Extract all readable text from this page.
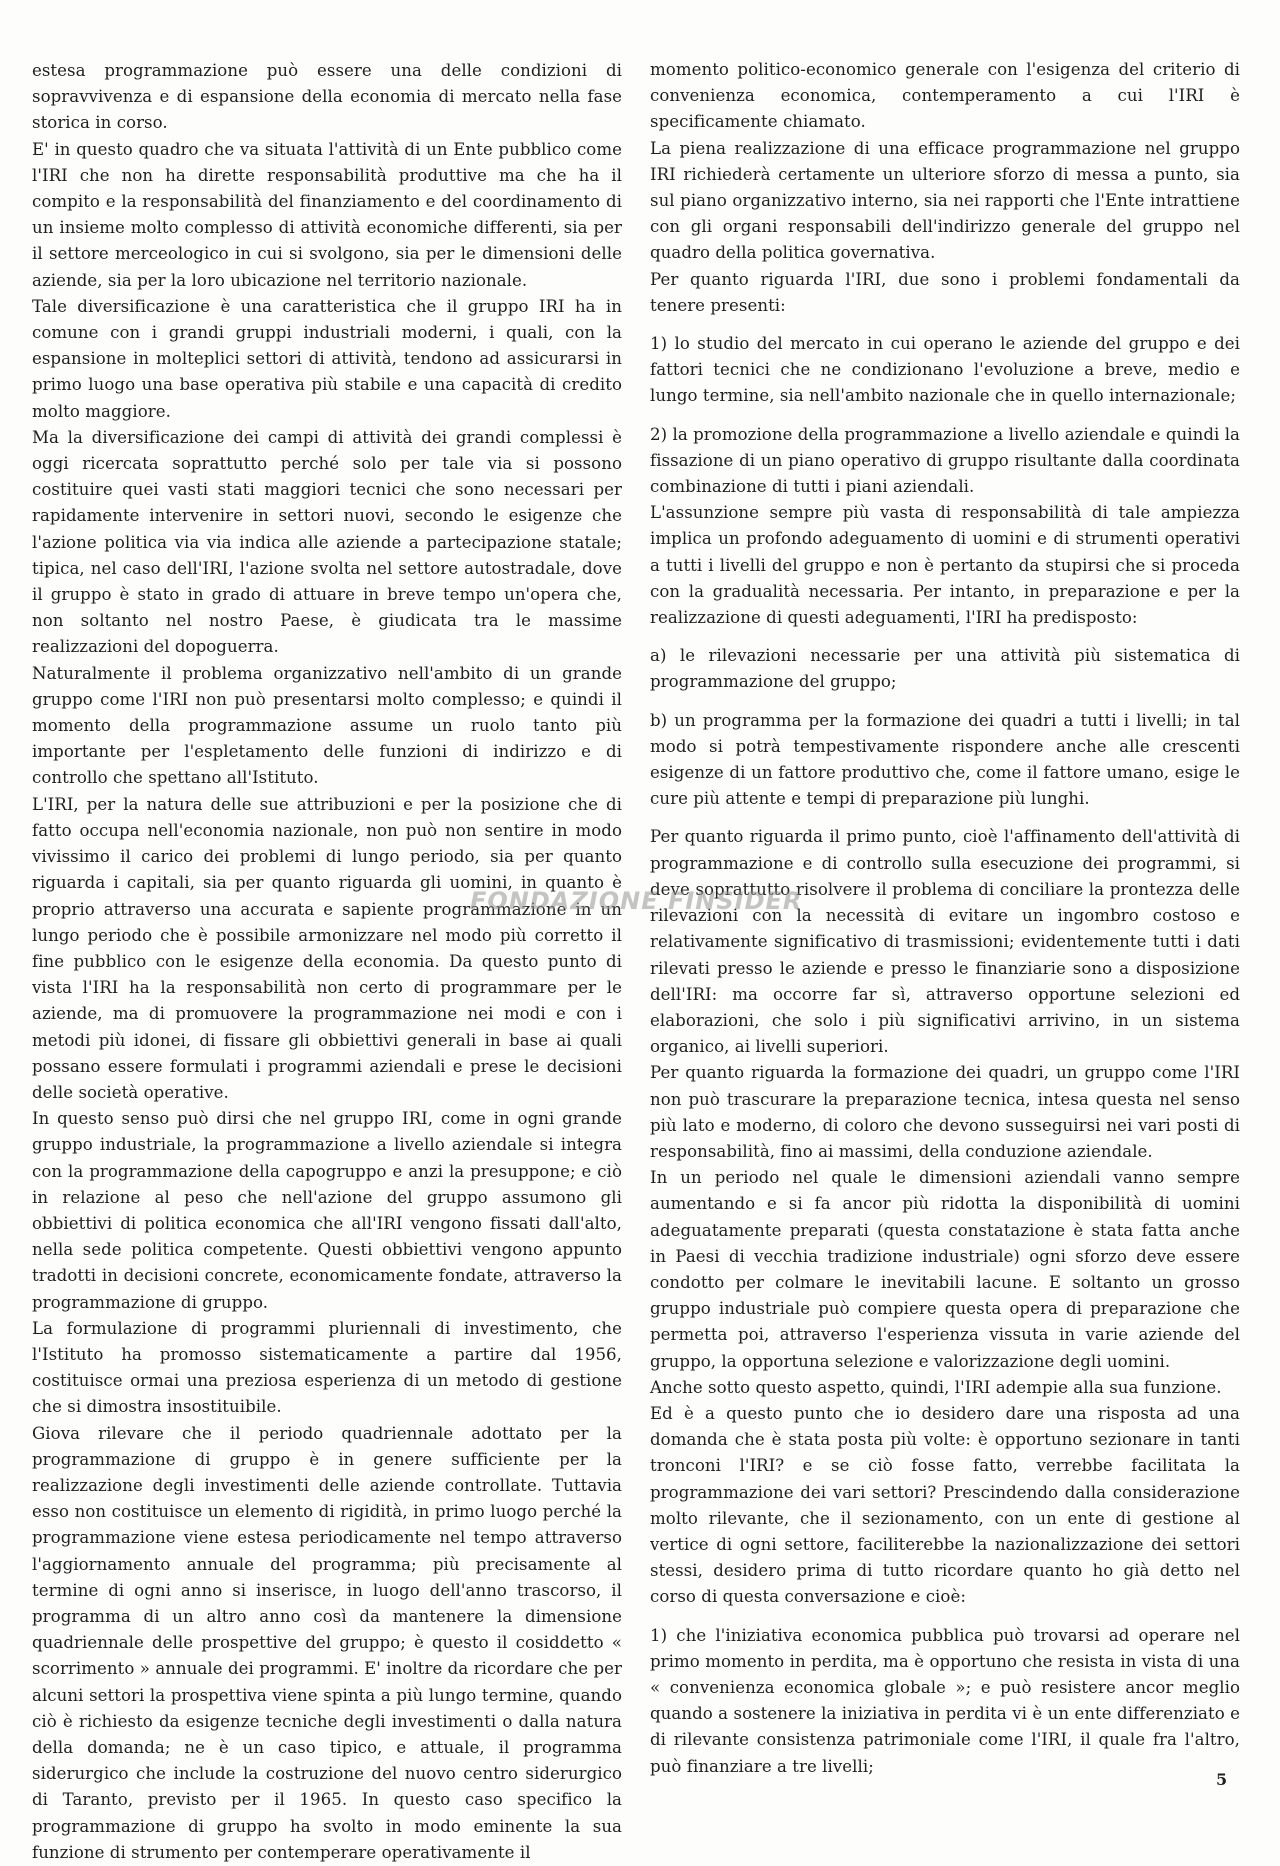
estesa programmazione può essere una delle condizioni di sopravvivenza e di espansione della economia di mercato nella fase storica in corso.

E' in questo quadro che va situata l'attività di un Ente pubblico come l'IRI che non ha dirette responsabilità produttive ma che ha il compito e la responsabilità del finanziamento e del coordinamento di un insieme molto complesso di attività economiche differenti, sia per il settore merceologico in cui si svolgono, sia per le dimensioni delle aziende, sia per la loro ubicazione nel territorio nazionale.

Tale diversificazione è una caratteristica che il gruppo IRI ha in comune con i grandi gruppi industriali moderni, i quali, con la espansione in molteplici settori di attività, tendono ad assicurarsi in primo luogo una base operativa più stabile e una capacità di credito molto maggiore.

Ma la diversificazione dei campi di attività dei grandi complessi è oggi ricercata soprattutto perché solo per tale via si possono costituire quei vasti stati maggiori tecnici che sono necessari per rapidamente intervenire in settori nuovi, secondo le esigenze che l'azione politica via via indica alle aziende a partecipazione statale; tipica, nel caso dell'IRI, l'azione svolta nel settore autostradale, dove il gruppo è stato in grado di attuare in breve tempo un'opera che, non soltanto nel nostro Paese, è giudicata tra le massime realizzazioni del dopoguerra.

Naturalmente il problema organizzativo nell'ambito di un grande gruppo come l'IRI non può presentarsi molto complesso; e quindi il momento della programmazione assume un ruolo tanto più importante per l'espletamento delle funzioni di indirizzo e di controllo che spettano all'Istituto.

L'IRI, per la natura delle sue attribuzioni e per la posizione che di fatto occupa nell'economia nazionale, non può non sentire in modo vivissimo il carico dei problemi di lungo periodo, sia per quanto riguarda i capitali, sia per quanto riguarda gli uomini, in quanto è proprio attraverso una accurata e sapiente programmazione in un lungo periodo che è possibile armonizzare nel modo più corretto il fine pubblico con le esigenze della economia. Da questo punto di vista l'IRI ha la responsabilità non certo di programmare per le aziende, ma di promuovere la programmazione nei modi e con i metodi più idonei, di fissare gli obbiettivi generali in base ai quali possano essere formulati i programmi aziendali e prese le decisioni delle società operative.

In questo senso può dirsi che nel gruppo IRI, come in ogni grande gruppo industriale, la programmazione a livello aziendale si integra con la programmazione della capogruppo e anzi la presuppone; e ciò in relazione al peso che nell'azione del gruppo assumono gli obbiettivi di politica economica che all'IRI vengono fissati dall'alto, nella sede politica competente. Questi obbiettivi vengono appunto tradotti in decisioni concrete, economicamente fondate, attraverso la programmazione di gruppo.

La formulazione di programmi pluriennali di investimento, che l'Istituto ha promosso sistematicamente a partire dal 1956, costituisce ormai una preziosa esperienza di un metodo di gestione che si dimostra insostituibile.

Giova rilevare che il periodo quadriennale adottato per la programmazione di gruppo è in genere sufficiente per la realizzazione degli investimenti delle aziende controllate. Tuttavia esso non costituisce un elemento di rigidità, in primo luogo perché la programmazione viene estesa periodicamente nel tempo attraverso l'aggiornamento annuale del programma; più precisamente al termine di ogni anno si inserisce, in luogo dell'anno trascorso, il programma di un altro anno così da mantenere la dimensione quadriennale delle prospettive del gruppo; è questo il cosiddetto « scorrimento » annuale dei programmi. E' inoltre da ricordare che per alcuni settori la prospettiva viene spinta a più lungo termine, quando ciò è richiesto da esigenze tecniche degli investimenti o dalla natura della domanda; ne è un caso tipico, e attuale, il programma siderurgico che include la costruzione del nuovo centro siderurgico di Taranto, previsto per il 1965. In questo caso specifico la programmazione di gruppo ha svolto in modo eminente la sua funzione di strumento per contemperare operativamente il

momento politico-economico generale con l'esigenza del criterio di convenienza economica, contemperamento a cui l'IRI è specificamente chiamato.

La piena realizzazione di una efficace programmazione nel gruppo IRI richiederà certamente un ulteriore sforzo di messa a punto, sia sul piano organizzativo interno, sia nei rapporti che l'Ente intrattiene con gli organi responsabili dell'indirizzo generale del gruppo nel quadro della politica governativa.

Per quanto riguarda l'IRI, due sono i problemi fondamentali da tenere presenti:

1) lo studio del mercato in cui operano le aziende del gruppo e dei fattori tecnici che ne condizionano l'evoluzione a breve, medio e lungo termine, sia nell'ambito nazionale che in quello internazionale;

2) la promozione della programmazione a livello aziendale e quindi la fissazione di un piano operativo di gruppo risultante dalla coordinata combinazione di tutti i piani aziendali.

L'assunzione sempre più vasta di responsabilità di tale ampiezza implica un profondo adeguamento di uomini e di strumenti operativi a tutti i livelli del gruppo e non è pertanto da stupirsi che si proceda con la gradualità necessaria. Per intanto, in preparazione e per la realizzazione di questi adeguamenti, l'IRI ha predisposto:

a) le rilevazioni necessarie per una attività più sistematica di programmazione del gruppo;

b) un programma per la formazione dei quadri a tutti i livelli; in tal modo si potrà tempestivamente rispondere anche alle crescenti esigenze di un fattore produttivo che, come il fattore umano, esige le cure più attente e tempi di preparazione più lunghi.

Per quanto riguarda il primo punto, cioè l'affinamento dell'attività di programmazione e di controllo sulla esecuzione dei programmi, si deve soprattutto risolvere il problema di conciliare la prontezza delle rilevazioni con la necessità di evitare un ingombro costoso e relativamente significativo di trasmissioni; evidentemente tutti i dati rilevati presso le aziende e presso le finanziarie sono a disposizione dell'IRI: ma occorre far sì, attraverso opportune selezioni ed elaborazioni, che solo i più significativi arrivino, in un sistema organico, ai livelli superiori.

Per quanto riguarda la formazione dei quadri, un gruppo come l'IRI non può trascurare la preparazione tecnica, intesa questa nel senso più lato e moderno, di coloro che devono susseguirsi nei vari posti di responsabilità, fino ai massimi, della conduzione aziendale.

In un periodo nel quale le dimensioni aziendali vanno sempre aumentando e si fa ancor più ridotta la disponibilità di uomini adeguatamente preparati (questa constatazione è stata fatta anche in Paesi di vecchia tradizione industriale) ogni sforzo deve essere condotto per colmare le inevitabili lacune. E soltanto un grosso gruppo industriale può compiere questa opera di preparazione che permetta poi, attraverso l'esperienza vissuta in varie aziende del gruppo, la opportuna selezione e valorizzazione degli uomini.

Anche sotto questo aspetto, quindi, l'IRI adempie alla sua funzione.

Ed è a questo punto che io desidero dare una risposta ad una domanda che è stata posta più volte: è opportuno sezionare in tanti tronconi l'IRI? e se ciò fosse fatto, verrebbe facilitata la programmazione dei vari settori? Prescindendo dalla considerazione molto rilevante, che il sezionamento, con un ente di gestione al vertice di ogni settore, faciliterebbe la nazionalizzazione dei settori stessi, desidero prima di tutto ricordare quanto ho già detto nel corso di questa conversazione e cioè:

1) che l'iniziativa economica pubblica può trovarsi ad operare nel primo momento in perdita, ma è opportuno che resista in vista di una « convenienza economica globale »; e può resistere ancor meglio quando a sostenere la iniziativa in perdita vi è un ente differenziato e di rilevante consistenza patrimoniale come l'IRI, il quale fra l'altro, può finanziare a tre livelli;

FONDAZIONE FINSIDER
5
